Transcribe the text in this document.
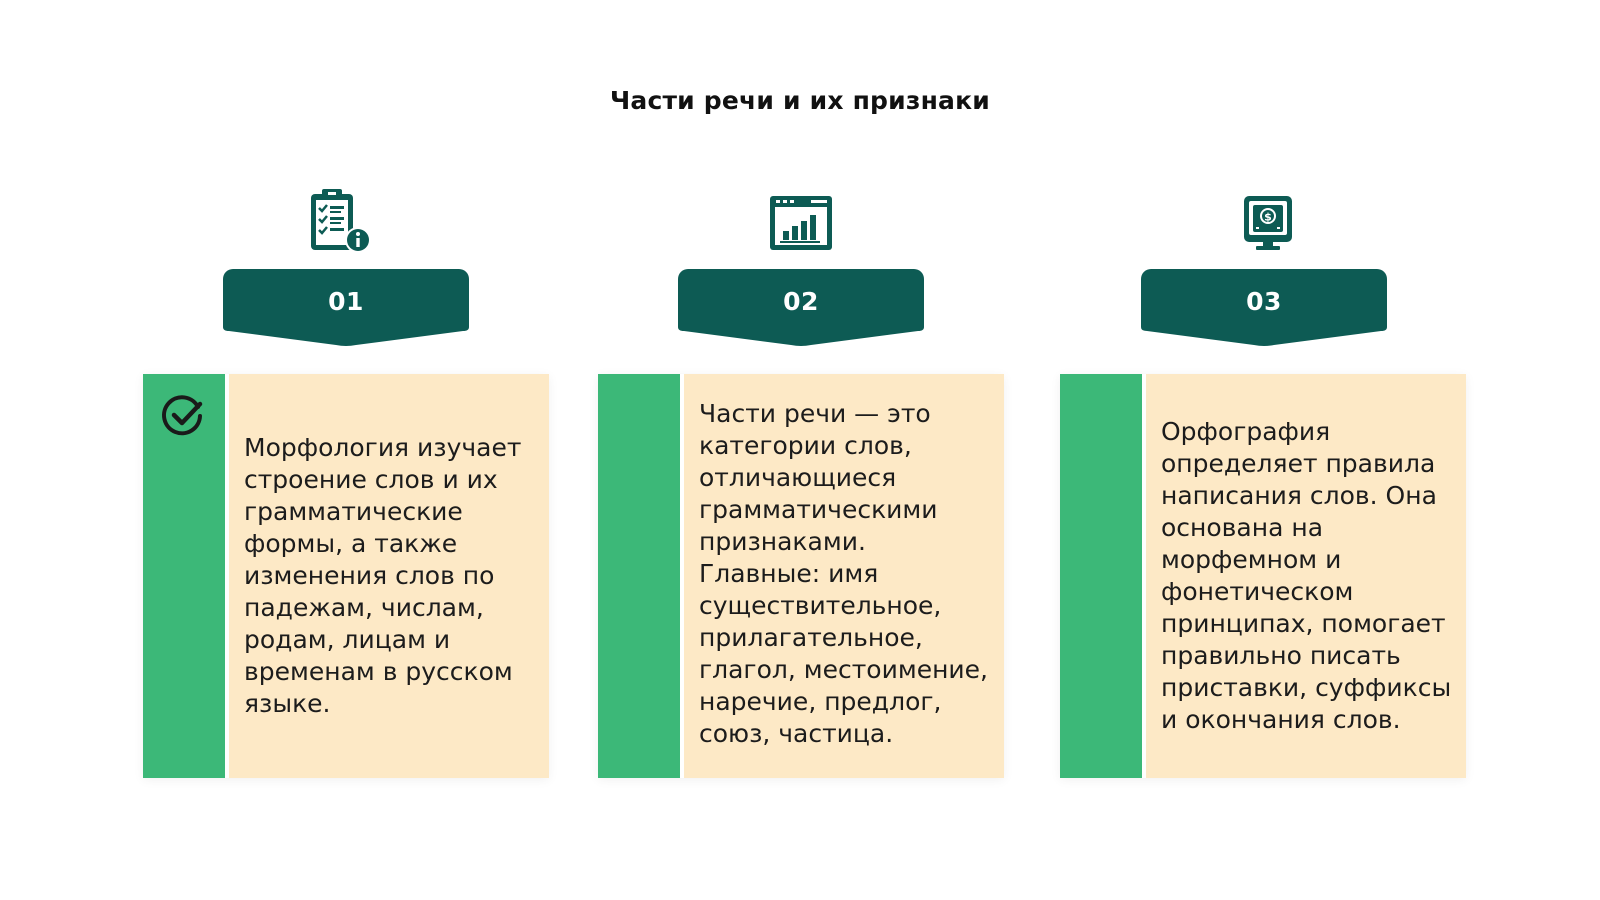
Части речи и их признаки
01
Морфология изучает строение слов и их грамматические формы, а также изменения слов по падежам, числам, родам, лицам и временам в русском языке.
02
Части речи — это категории слов, отличающиеся грамматическими признаками. Главные: имя существительное, прилагательное, глагол, местоимение, наречие, предлог, союз, частица.
$
03
Орфография определяет правила написания слов. Она основана на морфемном и фонетическом принципах, помогает правильно писать приставки, суффиксы и окончания слов.
